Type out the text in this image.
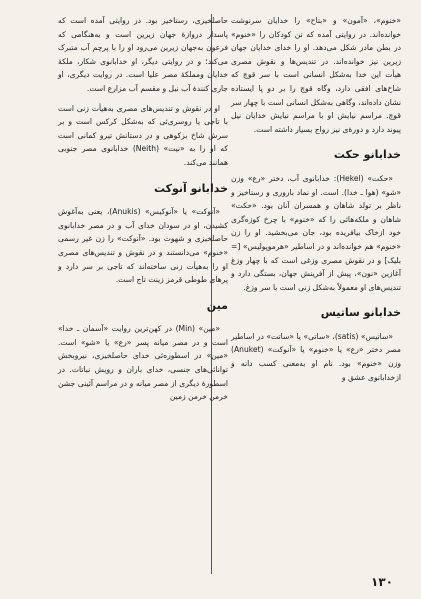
«خنوم»، «آمون» و «بتاح» را خدایان سرنوشت خوانده‌اند. در روایتی آمده که تن کودکان را «خنوم» در بطن مادر شکل می‌دهد. او را خدای خدایان جهان زیرین نیز خوانده‌اند. در تندیس‌ها و نقوش مصری هیأت این خدا به‌شکل انسانی است با سر قوچ که شاخ‌های افقی دارد، وگاه قوچ را بر دو پا ایستاده نشان داده‌اند، وگاهی به‌شکل انسانی است با چهار سر قوچ. مراسم نیایش او با مراسم نیایش خدایان نیل پیوند دارد و دورهٔ‌ی نیز رواج بسیار داشته است.

خدابانو حکت

«حکت» (Hekel): خدابانوی آب، دختر «رع» وزن «شو» (هوا ـ خدا). است. او نماد باروری و رستاخیز و ناظر بر تولد شاهان و همسران آنان بود. «حکت» شاهان و ملکه‌هائی را که «خنوم» با چرخ کوزه‌گری خود ازخاک بیافریده بود، جان می‌بخشید. او را زن «خنوم» هم خوانده‌اند و در اساطیر «هرموپولیس» [= بلیک] و در نقوش مصری وزغی است که با چهار وزغ آغازین «نون»، پیش از آفرینش جهان، بستگی دارد و تندیس‌های او معمولاً به‌شکل زنی است با سر وزغ.

خدابانو ساتیس

«ساتیس» (satis)، «ساتی» یا «ساتت» در اساطیر مصر دختر «رع» یا «خنوم» یا «آنوکت» (Anuket) وزن «خنوم» بود. نام او به‌معنی کسب دانه و ازخدابانوی عشق و

حاصلخیزی، رستاخیز بود. در روایتی آمده است که پاسدار دروازهٔ جهان زیرین است و به‌هنگامی که فرعون به‌جهان زیرین می‌رود او را با پرچم آب متبرک می‌کند؛ و در روایتی دیگر، او خدابانوی شکار، ملکهٔ خدایان ومملکهٔ مصر علیا است. در روایت دیگری، او جاری کنندهٔ آب نیل و مقسم آب مزارع است.

او در نقوش و تندیس‌های مصری به‌هیأت زنی است با تاجی یا روسری‌ئی که به‌شکل کرکس است و بر سرش شاخ بزکوهی و در دستانش تیرو کمانی است که او را به «نیت» (Neith) خدابانوی مصر جنوبی همانند می‌کند.

خدابانو آنوکت

«آنوکت» یا «آنوکیس» (Anukis)، یعنی به‌آغوش کشیدن، او در سودان خدای آب و در مصر خدابانوی حاصلخیزی و شهوت بود. «آنوکت» را زن غیر رسمی «خنوم» می‌دانستند و در نقوش و تندیس‌های مصری او را به‌هیأت زنی ساخته‌اند که تاجی بر سر دارد و پرهای طوطی قرمز زینت تاج است.

مین

«مین» (Min) در کهن‌ترین روایت «آسمان ـ خدا» است و در مصر میانه پسر «رع» یا «شو» است. «مین» در اسطوره‌ئی خدای حاصلخیزی، نیروبخش توانائی‌های جنسی، خدای باران و رویش نباتات. در اسطورهٔ دیگری از مصر میانه و در مراسم آئینی جشن خرمن خرمن زمین

۱۳۰
